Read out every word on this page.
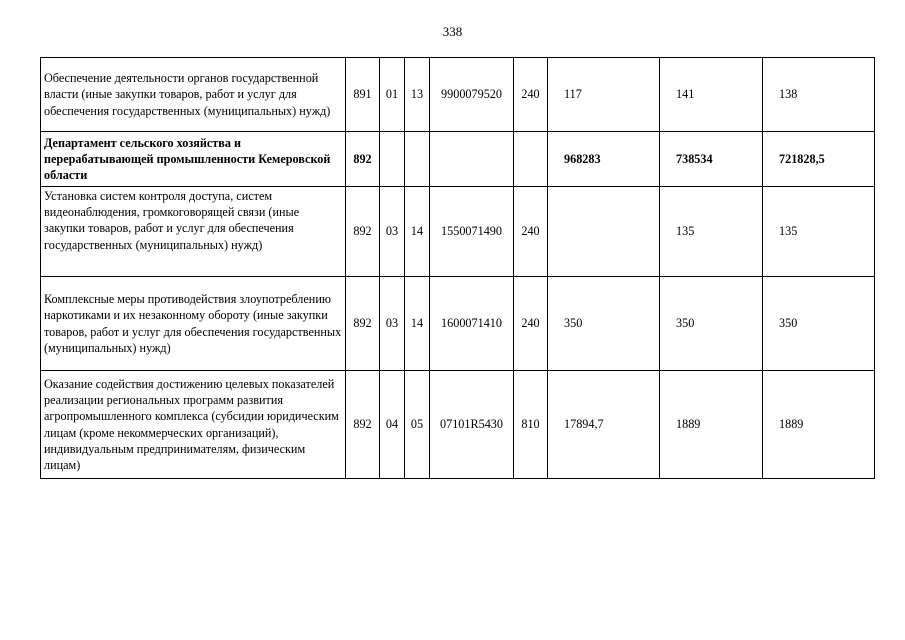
338
Обеспечение деятельности органов государственной власти (иные закупки товаров, работ и услуг для обеспечения государственных (муниципальных) нужд)	891	01	13	9900079520	240	117	141	138
Департамент сельского хозяйства и перерабатывающей промышленности Кемеровской области	892					968283	738534	721828,5
Установка систем контроля доступа, систем видеонаблюдения, громкоговорящей связи (иные закупки товаров, работ и услуг для обеспечения государственных (муниципальных) нужд)	892	03	14	1550071490	240		135	135
Комплексные меры противодействия злоупотреблению наркотиками и их незаконному обороту (иные закупки товаров, работ и услуг для обеспечения государственных (муниципальных) нужд)	892	03	14	1600071410	240	350	350	350
Оказание содействия достижению целевых показателей реализации региональных программ развития агропромышленного комплекса (субсидии юридическим лицам (кроме некоммерческих организаций), индивидуальным предпринимателям, физическим лицам)	892	04	05	07101R5430	810	17894,7	1889	1889
